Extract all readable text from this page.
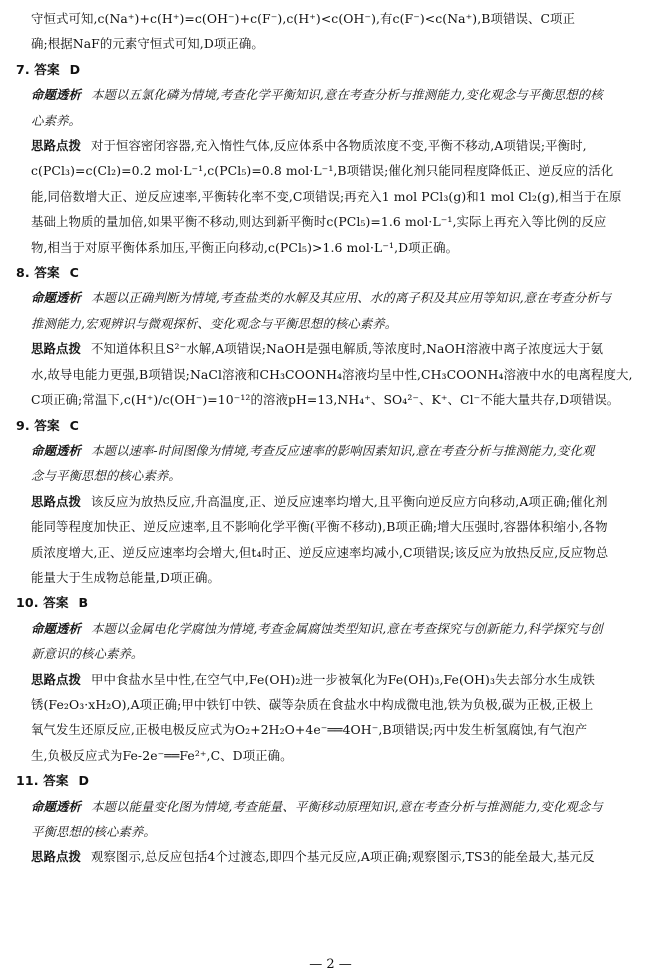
守恒式可知,c(Na⁺)+c(H⁺)=c(OH⁻)+c(F⁻),c(H⁺)<c(OH⁻),有c(F⁻)<c(Na⁺),B项错误、C项正
确;根据NaF的元素守恒式可知,D项正确。
7. 答案 D
命题透析 本题以五氯化磷为情境,考查化学平衡知识,意在考查分析与推测能力,变化观念与平衡思想的核
心素养。
思路点拨 对于恒容密闭容器,充入惰性气体,反应体系中各物质浓度不变,平衡不移动,A项错误;平衡时,
c(PCl₃)=c(Cl₂)=0.2 mol·L⁻¹,c(PCl₅)=0.8 mol·L⁻¹,B项错误;催化剂只能同程度降低正、逆反应的活化
能,同倍数增大正、逆反应速率,平衡转化率不变,C项错误;再充入1 mol PCl₃(g)和1 mol Cl₂(g),相当于在原
基础上物质的量加倍,如果平衡不移动,则达到新平衡时c(PCl₅)=1.6 mol·L⁻¹,实际上再充入等比例的反应
物,相当于对原平衡体系加压,平衡正向移动,c(PCl₅)>1.6 mol·L⁻¹,D项正确。
8. 答案 C
命题透析 本题以正确判断为情境,考查盐类的水解及其应用、水的离子积及其应用等知识,意在考查分析与
推测能力,宏观辨识与微观探析、变化观念与平衡思想的核心素养。
思路点拨 不知道体积且S²⁻水解,A项错误;NaOH是强电解质,等浓度时,NaOH溶液中离子浓度远大于氨
水,故导电能力更强,B项错误;NaCl溶液和CH₃COONH₄溶液均呈中性,CH₃COONH₄溶液中水的电离程度大,
C项正确;常温下,c(H⁺)/c(OH⁻)=10⁻¹²的溶液pH=13,NH₄⁺、SO₄²⁻、K⁺、Cl⁻不能大量共存,D项错误。
9. 答案 C
命题透析 本题以速率-时间图像为情境,考查反应速率的影响因素知识,意在考查分析与推测能力,变化观
念与平衡思想的核心素养。
思路点拨 该反应为放热反应,升高温度,正、逆反应速率均增大,且平衡向逆反应方向移动,A项正确;催化剂
能同等程度加快正、逆反应速率,且不影响化学平衡(平衡不移动),B项正确;增大压强时,容器体积缩小,各物
质浓度增大,正、逆反应速率均会增大,但t₄时正、逆反应速率均减小,C项错误;该反应为放热反应,反应物总
能量大于生成物总能量,D项正确。
10. 答案 B
命题透析 本题以金属电化学腐蚀为情境,考查金属腐蚀类型知识,意在考查探究与创新能力,科学探究与创
新意识的核心素养。
思路点拨 甲中食盐水呈中性,在空气中,Fe(OH)₂进一步被氧化为Fe(OH)₃,Fe(OH)₃失去部分水生成铁
锈(Fe₂O₃·xH₂O),A项正确;甲中铁钉中铁、碳等杂质在食盐水中构成微电池,铁为负极,碳为正极,正极上
氧气发生还原反应,正极电极反应式为O₂+2H₂O+4e⁻══4OH⁻,B项错误;丙中发生析氢腐蚀,有气泡产
生,负极反应式为Fe-2e⁻══Fe²⁺,C、D项正确。
11. 答案 D
命题透析 本题以能量变化图为情境,考查能量、平衡移动原理知识,意在考查分析与推测能力,变化观念与
平衡思想的核心素养。
思路点拨 观察图示,总反应包括4个过渡态,即四个基元反应,A项正确;观察图示,TS3的能垒最大,基元反
— 2 —
